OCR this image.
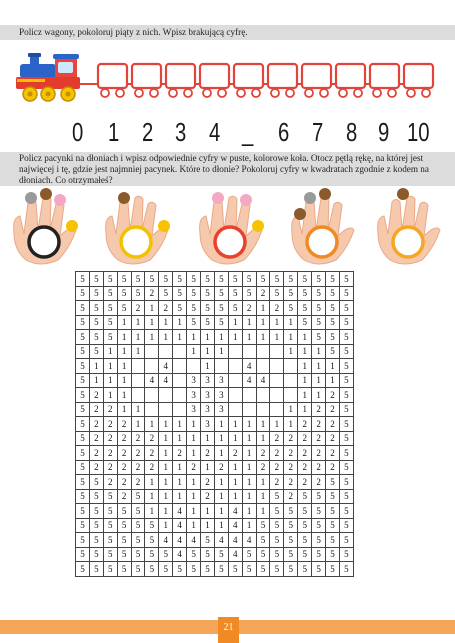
Policz wagony, pokoloruj piąty z nich. Wpisz brakującą cyfrę.
0 1 2 3 4 _ 6 7 8 9 10
Policz pacynki na dłoniach i wpisz odpowiednie cyfry w puste, kolorowe koła. Otocz pętlą rękę, na której jest najwięcej i tę, gdzie jest najmniej pacynek. Które to dłonie? Pokoloruj cyfry w kwadratach zgodnie z kodem na dłoniach. Co otrzymałeś?
5	5	5	5	5	5	5	5	5	5	5	5	5	5	5	5	5	5	5	5
5	5	5	5	5	2	5	5	5	5	5	5	5	2	5	5	5	5	5	5
5	5	5	5	2	1	2	5	5	5	5	5	2	1	2	5	5	5	5	5
5	5	5	1	1	1	1	1	5	5	5	1	1	1	1	1	5	5	5	5
5	5	5	1	1	1	1	1	1	1	1	1	1	1	1	1	1	5	5	5
5	5	1	1	1				1	1	1					1	1	1	5	5
5	1	1	1			4			1			4				1	1	1	5
5	1	1	1		4	4		3	3	3		4	4			1	1	1	5
5	2	1	1					3	3	3						1	1	2	5
5	2	2	1	1				3	3	3					1	1	2	2	5
5	2	2	2	1	1	1	1	1	3	1	1	1	1	1	1	2	2	2	5
5	2	2	2	2	2	1	1	1	1	1	1	1	1	2	2	2	2	2	5
5	2	2	2	2	2	1	2	1	2	1	2	1	2	2	2	2	2	2	5
5	2	2	2	2	2	1	1	2	1	2	1	1	2	2	2	2	2	2	5
5	5	2	2	2	1	1	1	1	2	1	1	1	1	2	2	2	2	5	5
5	5	5	2	5	1	1	1	1	2	1	1	1	1	5	2	5	5	5	5
5	5	5	5	5	1	1	4	1	1	1	4	1	1	5	5	5	5	5	5
5	5	5	5	5	5	1	4	1	1	1	4	1	5	5	5	5	5	5	5
5	5	5	5	5	5	4	4	4	5	4	4	4	5	5	5	5	5	5	5
5	5	5	5	5	5	5	4	5	5	5	4	5	5	5	5	5	5	5	5
5	5	5	5	5	5	5	5	5	5	5	5	5	5	5	5	5	5	5	5
21
